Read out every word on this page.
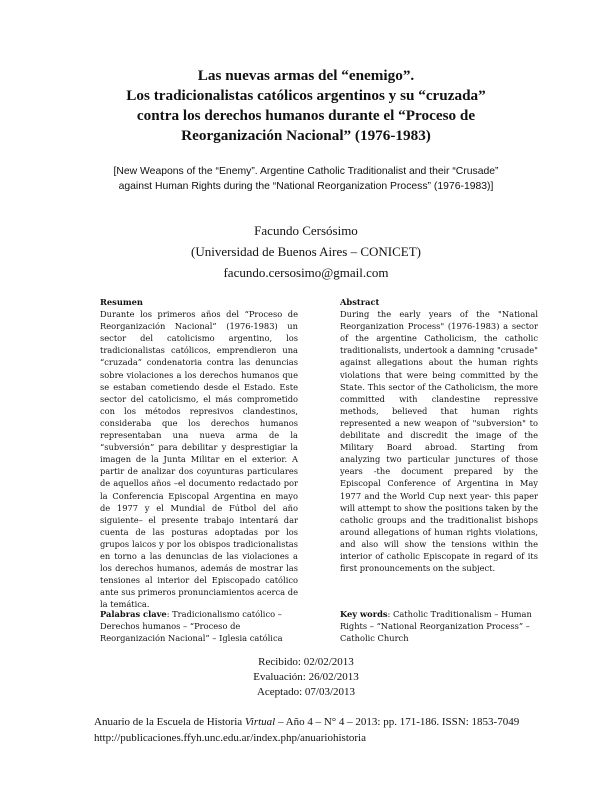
Las nuevas armas del “enemigo”.
Los tradicionalistas católicos argentinos y su “cruzada”
contra los derechos humanos durante el “Proceso de
Reorganización Nacional” (1976-1983)
[New Weapons of the “Enemy”. Argentine Catholic Traditionalist and their “Crusade”
against Human Rights during the “National Reorganization Process” (1976-1983)]
Facundo Cersósimo
(Universidad de Buenos Aires – CONICET)
facundo.cersosimo@gmail.com
Resumen
Durante los primeros años del “Proceso de Reorganización Nacional” (1976-1983) un sector del catolicismo argentino, los tradicionalistas católicos, emprendieron una “cruzada” condenatoria contra las denuncias sobre violaciones a los derechos humanos que se estaban cometiendo desde el Estado. Este sector del catolicismo, el más comprometido con los métodos represivos clandestinos, consideraba que los derechos humanos representaban una nueva arma de la “subversión” para debilitar y desprestigiar la imagen de la Junta Militar en el exterior. A partir de analizar dos coyunturas particulares de aquellos años –el documento redactado por la Conferencia Episcopal Argentina en mayo de 1977 y el Mundial de Fútbol del año siguiente– el presente trabajo intentará dar cuenta de las posturas adoptadas por los grupos laicos y por los obispos tradicionalistas en torno a las denuncias de las violaciones a los derechos humanos, además de mostrar las tensiones al interior del Episcopado católico ante sus primeros pronunciamientos acerca de la temática.
Abstract
During the early years of the "National Reorganization Process" (1976-1983) a sector of the argentine Catholicism, the catholic traditionalists, undertook a damning "crusade" against allegations about the human rights violations that were being committed by the State. This sector of the Catholicism, the more committed with clandestine repressive methods, believed that human rights represented a new weapon of "subversion" to debilitate and discredit the image of the Military Board abroad. Starting from analyzing two particular junctures of those years -the document prepared by the Episcopal Conference of Argentina in May 1977 and the World Cup next year- this paper will attempt to show the positions taken by the catholic groups and the traditionalist bishops around allegations of human rights violations, and also will show the tensions within the interior of catholic Episcopate in regard of its first pronouncements on the subject.
Palabras clave: Tradicionalismo católico – Derechos humanos – “Proceso de Reorganización Nacional” – Iglesia católica
Key words: Catholic Traditionalism – Human Rights – “National Reorganization Process” – Catholic Church
Recibido: 02/02/2013
Evaluación: 26/02/2013
Aceptado: 07/03/2013
Anuario de la Escuela de Historia Virtual – Año 4 – N° 4 – 2013: pp. 171-186. ISSN: 1853-7049
http://publicaciones.ffyh.unc.edu.ar/index.php/anuariohistoria
